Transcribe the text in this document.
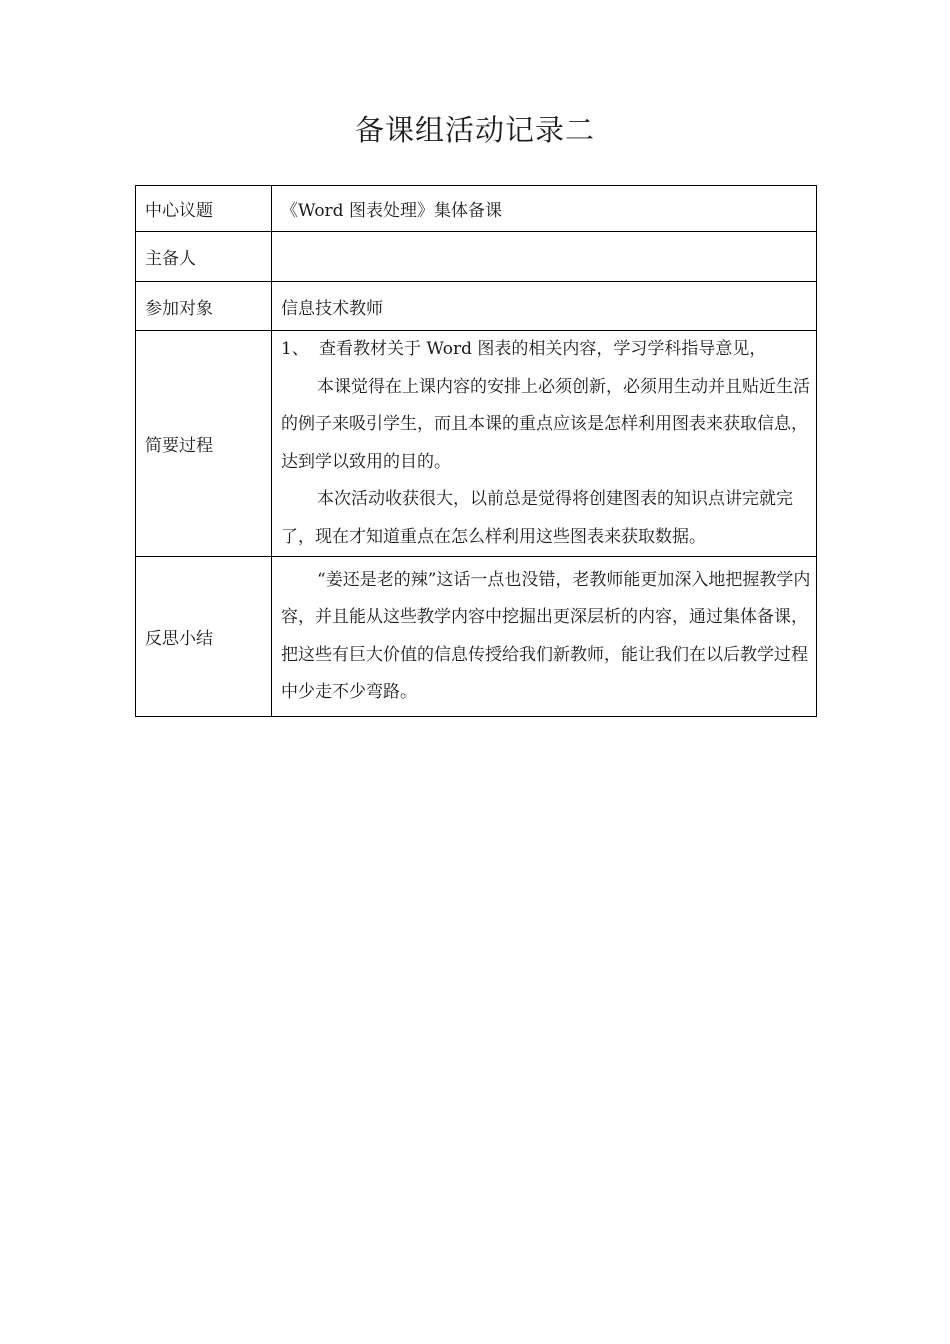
备课组活动记录二
中心议题	《Word 图表处理》集体备课
主备人	
参加对象	信息技术教师
简要过程	1、 查看教材关于 Word 图表的相关内容，学习学科指导意见，

本课觉得在上课内容的安排上必须创新，必须用生动并且贴近生活的例子来吸引学生，而且本课的重点应该是怎样利用图表来获取信息，达到学以致用的目的。

本次活动收获很大，以前总是觉得将创建图表的知识点讲完就完了，现在才知道重点在怎么样利用这些图表来获取数据。

反思小结	“姜还是老的辣”这话一点也没错，老教师能更加深入地把握教学内容，并且能从这些教学内容中挖掘出更深层析的内容，通过集体备课，把这些有巨大价值的信息传授给我们新教师，能让我们在以后教学过程中少走不少弯路。
